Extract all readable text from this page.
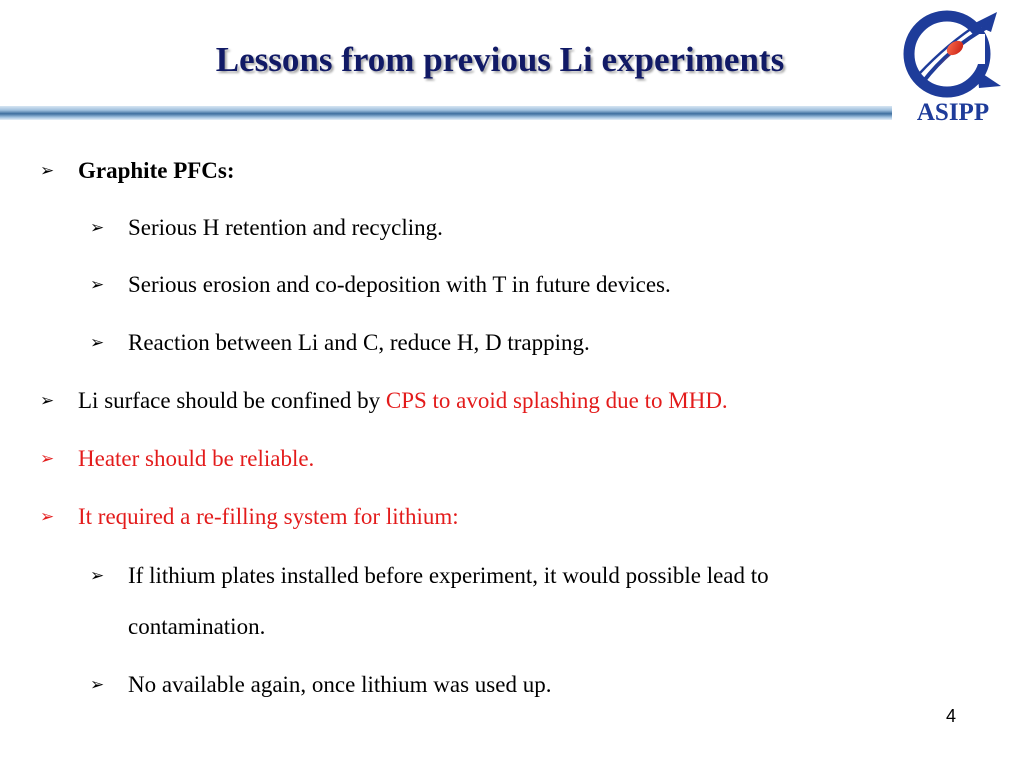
Lessons from previous Li experiments
ASIPP
➢ Graphite PFCs:
➢ Serious H retention and recycling.
➢ Serious erosion and co-deposition with T in future devices.
➢ Reaction between Li and C, reduce H, D trapping.
➢ Li surface should be confined by CPS to avoid splashing due to MHD.
➢ Heater should be reliable.
➢ It required a re-filling system for lithium:
➢ If lithium plates installed before experiment, it would possible lead to
contamination.
➢ No available again, once lithium was used up.
4
